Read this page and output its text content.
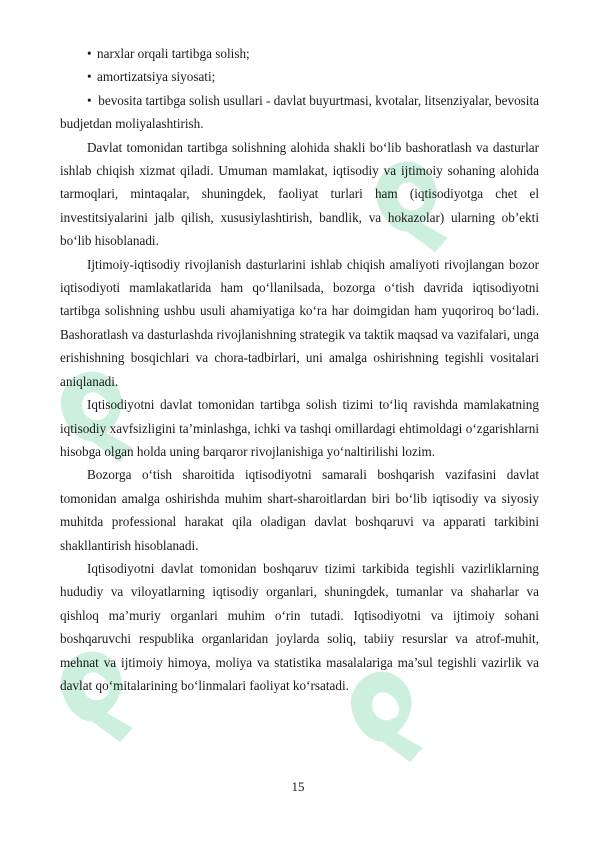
• narxlar orqali tartibga solish;
• amortizatsiya siyosati;
• bevosita tartibga solish usullari - davlat buyurtmasi, kvotalar, litsenziyalar, bevosita budjetdan moliyalashtirish.

Davlat tomonidan tartibga solishning alohida shakli bo‘lib bashoratlash va dasturlar ishlab chiqish xizmat qiladi. Umuman mamlakat, iqtisodiy va ijtimoiy sohaning alohida tarmoqlari, mintaqalar, shuningdek, faoliyat turlari ham (iqtisodiyotga chet el investitsiyalarini jalb qilish, xususiylashtirish, bandlik, va hokazolar) ularning ob’ekti bo‘lib hisoblanadi.

Ijtimoiy-iqtisodiy rivojlanish dasturlarini ishlab chiqish amaliyoti rivojlangan bozor iqtisodiyoti mamlakatlarida ham qo‘llanilsada, bozorga o‘tish davrida iqtisodiyotni tartibga solishning ushbu usuli ahamiyatiga ko‘ra har doimgidan ham yuqoriroq bo‘ladi. Bashoratlash va dasturlashda rivojlanishning strategik va taktik maqsad va vazifalari, unga erishishning bosqichlari va chora-tadbirlari, uni amalga oshirishning tegishli vositalari aniqlanadi.

Iqtisodiyotni davlat tomonidan tartibga solish tizimi to‘liq ravishda mamlakatning iqtisodiy xavfsizligini ta’minlashga, ichki va tashqi omillardagi ehtimoldagi o‘zgarishlarni hisobga olgan holda uning barqaror rivojlanishiga yo‘naltirilishi lozim.

Bozorga o‘tish sharoitida iqtisodiyotni samarali boshqarish vazifasini davlat tomonidan amalga oshirishda muhim shart-sharoitlardan biri bo‘lib iqtisodiy va siyosiy muhitda professional harakat qila oladigan davlat boshqaruvi va apparati tarkibini shakllantirish hisoblanadi.

Iqtisodiyotni davlat tomonidan boshqaruv tizimi tarkibida tegishli vazirliklarning hududiy va viloyatlarning iqtisodiy organlari, shuningdek, tumanlar va shaharlar va qishloq ma’muriy organlari muhim o‘rin tutadi. Iqtisodiyotni va ijtimoiy sohani boshqaruvchi respublika organlaridan joylarda soliq, tabiiy resurslar va atrof-muhit, mehnat va ijtimoiy himoya, moliya va statistika masalalariga ma’sul tegishli vazirlik va davlat qo‘mitalarining bo‘linmalari faoliyat ko‘rsatadi.

15
